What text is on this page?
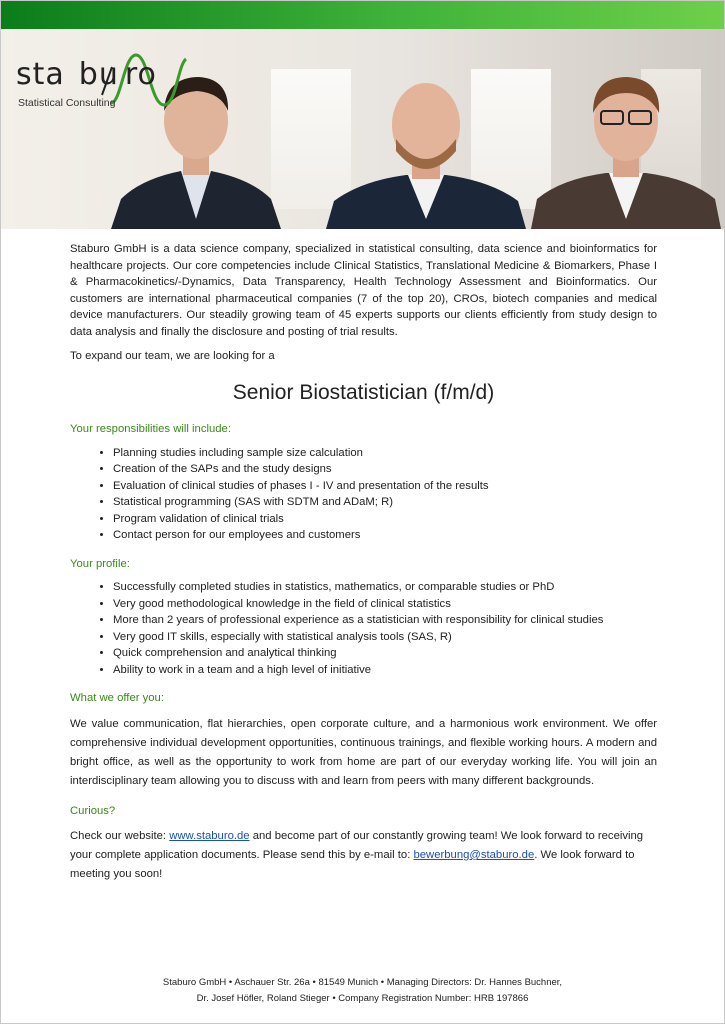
sta bu ro
Statistical Consulting

Staburo GmbH is a data science company, specialized in statistical consulting, data science and bioinformatics for healthcare projects. Our core competencies include Clinical Statistics, Translational Medicine & Biomarkers, Phase I & Pharmacokinetics/-Dynamics, Data Transparency, Health Technology Assessment and Bioinformatics. Our customers are international pharmaceutical companies (7 of the top 20), CROs, biotech companies and medical device manufacturers. Our steadily growing team of 45 experts supports our clients efficiently from study design to data analysis and finally the disclosure and posting of trial results.

To expand our team, we are looking for a

Senior Biostatistician (f/m/d)

Your responsibilities will include:

• Planning studies including sample size calculation
• Creation of the SAPs and the study designs
• Evaluation of clinical studies of phases I - IV and presentation of the results
• Statistical programming (SAS with SDTM and ADaM; R)
• Program validation of clinical trials
• Contact person for our employees and customers

Your profile:

• Successfully completed studies in statistics, mathematics, or comparable studies or PhD
• Very good methodological knowledge in the field of clinical statistics
• More than 2 years of professional experience as a statistician with responsibility for clinical studies
• Very good IT skills, especially with statistical analysis tools (SAS, R)
• Quick comprehension and analytical thinking
• Ability to work in a team and a high level of initiative

What we offer you:

We value communication, flat hierarchies, open corporate culture, and a harmonious work environment. We offer comprehensive individual development opportunities, continuous trainings, and flexible working hours. A modern and bright office, as well as the opportunity to work from home are part of our everyday working life. You will join an interdisciplinary team allowing you to discuss with and learn from peers with many different backgrounds.

Curious?

Check our website: www.staburo.de and become part of our constantly growing team! We look forward to receiving your complete application documents. Please send this by e-mail to: bewerbung@staburo.de. We look forward to meeting you soon!

Staburo GmbH • Aschauer Str. 26a • 81549 Munich • Managing Directors: Dr. Hannes Buchner,
Dr. Josef Höfler, Roland Stieger • Company Registration Number: HRB 197866
